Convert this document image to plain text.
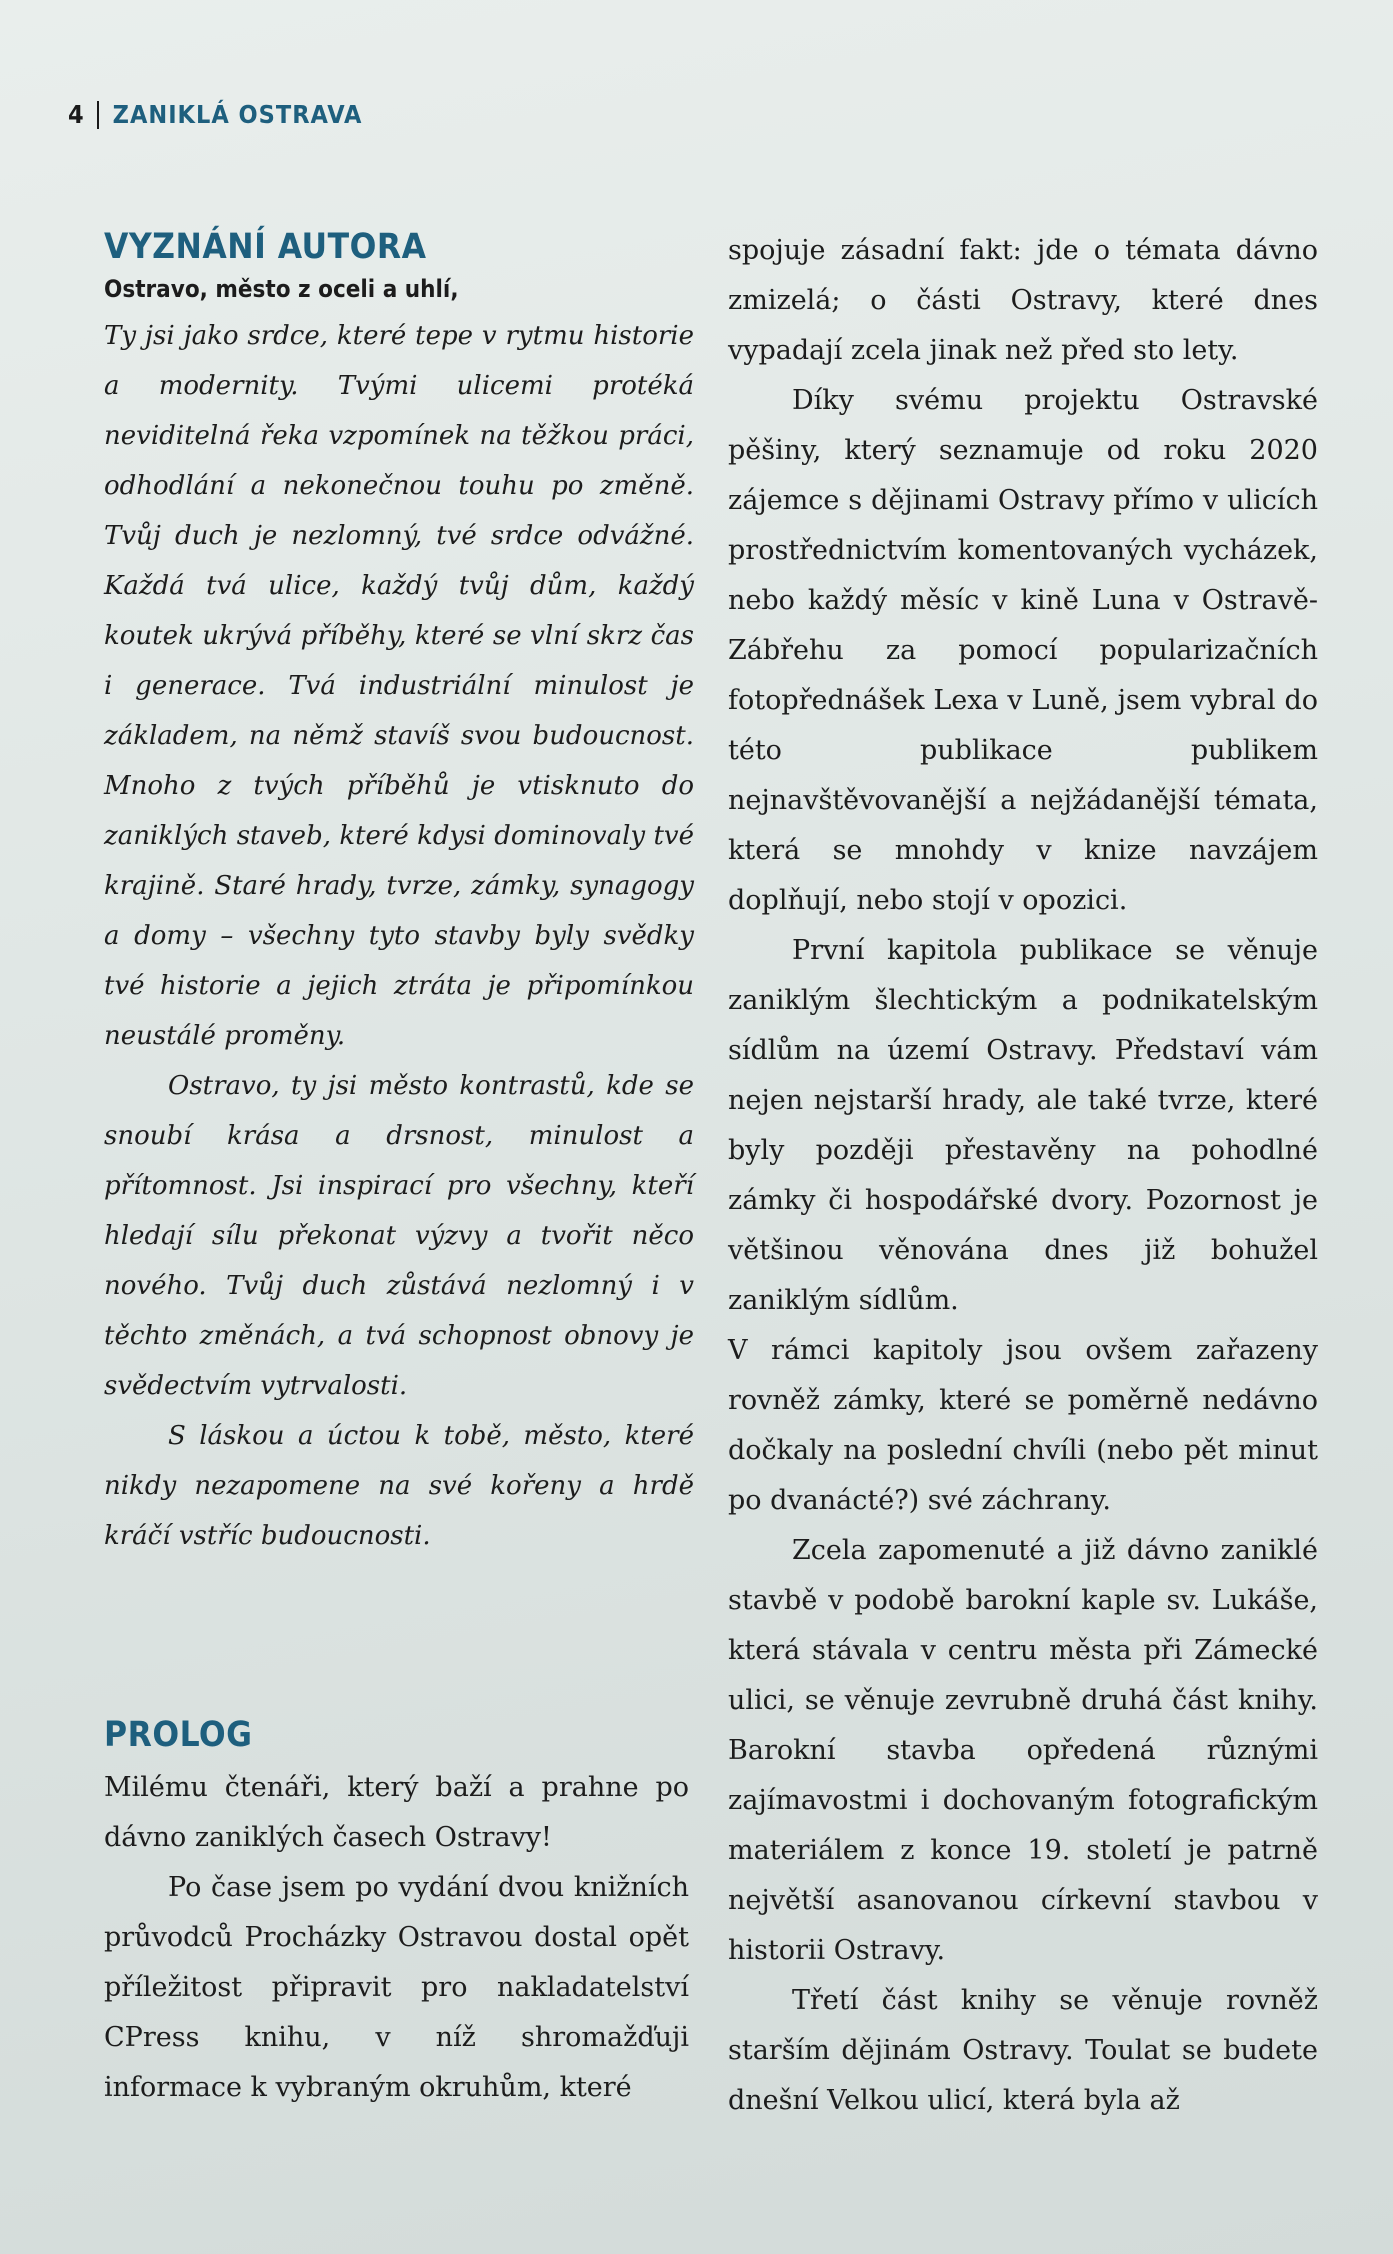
4 ZANIKLÁ OSTRAVA
VYZNÁNÍ AUTORA
Ostravo, město z oceli a uhlí,

Ty jsi jako srdce, které tepe v rytmu historie a modernity. Tvými ulicemi protéká neviditelná řeka vzpomínek na těžkou práci, odhodlání a nekonečnou touhu po změně. Tvůj duch je nezlomný, tvé srdce odvážné. Každá tvá ulice, každý tvůj dům, každý koutek ukrývá příběhy, které se vlní skrz čas i generace. Tvá industriální minulost je základem, na němž stavíš svou budoucnost. Mnoho z tvých příběhů je vtisknuto do zaniklých staveb, které kdysi dominovaly tvé krajině. Staré hrady, tvrze, zámky, synagogy a domy – všechny tyto stavby byly svědky tvé historie a jejich ztráta je připomínkou neustálé proměny.

Ostravo, ty jsi město kontrastů, kde se snoubí krása a drsnost, minulost a přítomnost. Jsi inspirací pro všechny, kteří hledají sílu překonat výzvy a tvořit něco nového. Tvůj duch zůstává nezlomný i v těchto změnách, a tvá schopnost obnovy je svědectvím vytrvalosti.

S láskou a úctou k tobě, město, které nikdy nezapomene na své kořeny a hrdě kráčí vstříc budoucnosti.

PROLOG

Milému čtenáři, který baží a prahne po dávno zaniklých časech Ostravy!

Po čase jsem po vydání dvou knižních průvodců Procházky Ostravou dostal opět příležitost připravit pro nakladatelství CPress knihu, v níž shromažďuji informace k vybraným okruhům, které

spojuje zásadní fakt: jde o témata dávno zmizelá; o části Ostravy, které dnes vypadají zcela jinak než před sto lety.

Díky svému projektu Ostravské pěšiny, který seznamuje od roku 2020 zájemce s dějinami Ostravy přímo v ulicích prostřednictvím komentovaných vycházek, nebo každý měsíc v kině Luna v Ostravě-Zábřehu za pomocí popularizačních fotopřednášek Lexa v Luně, jsem vybral do této publikace publikem nejnavštěvovanější a nejžádanější témata, která se mnohdy v knize navzájem doplňují, nebo stojí v opozici.

První kapitola publikace se věnuje zaniklým šlechtickým a podnikatelským sídlům na území Ostravy. Představí vám nejen nejstarší hrady, ale také tvrze, které byly později přestavěny na pohodlné zámky či hospodářské dvory. Pozornost je většinou věnována dnes již bohužel zaniklým sídlům.

V rámci kapitoly jsou ovšem zařazeny rovněž zámky, které se poměrně nedávno dočkaly na poslední chvíli (nebo pět minut po dvanácté?) své záchrany.

Zcela zapomenuté a již dávno zaniklé stavbě v podobě barokní kaple sv. Lukáše, která stávala v centru města při Zámecké ulici, se věnuje zevrubně druhá část knihy. Barokní stavba opředená různými zajímavostmi i dochovaným fotografickým materiálem z konce 19. století je patrně největší asanovanou církevní stavbou v historii Ostravy.

Třetí část knihy se věnuje rovněž starším dějinám Ostravy. Toulat se budete dnešní Velkou ulicí, která byla až
